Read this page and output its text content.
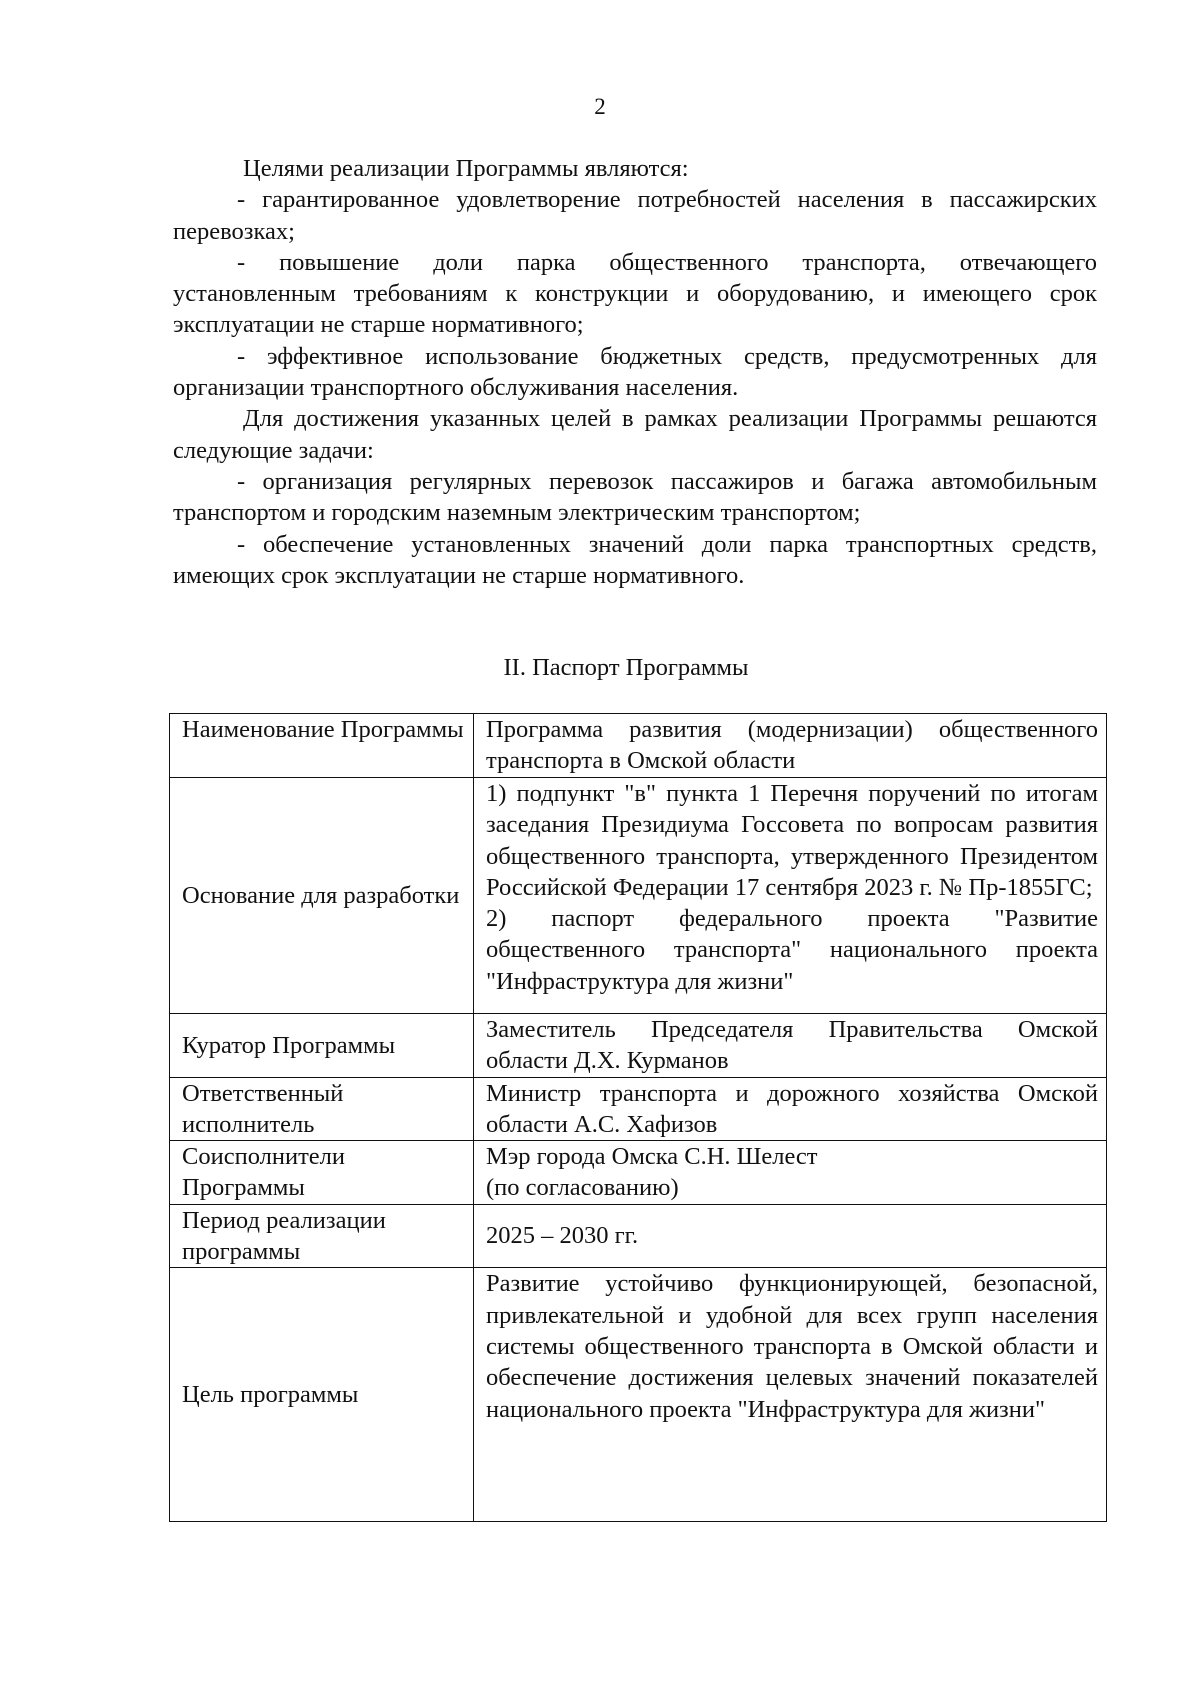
2

Целями реализации Программы являются:

- гарантированное удовлетворение потребностей населения в пассажирских перевозках;

- повышение доли парка общественного транспорта, отвечающего установленным требованиям к конструкции и оборудованию, и имеющего срок эксплуатации не старше нормативного;

- эффективное использование бюджетных средств, предусмотренных для организации транспортного обслуживания населения.

Для достижения указанных целей в рамках реализации Программы решаются следующие задачи:

- организация регулярных перевозок пассажиров и багажа автомобильным транспортом и городским наземным электрическим транспортом;

- обеспечение установленных значений доли парка транспортных средств, имеющих срок эксплуатации не старше нормативного.

II. Паспорт Программы
Наименование Программы	Программа развития (модернизации) общественного транспорта в Омской области
Основание для разработки	1) подпункт "в" пункта 1 Перечня поручений по итогам заседания Президиума Госсовета по вопросам развития общественного транспорта, утвержденного Президентом Российской Федерации 17 сентября 2023 г. № Пр-1855ГС;
2) паспорт федерального проекта "Развитие общественного транспорта" национального проекта "Инфраструктура для жизни"

Куратор Программы	Заместитель Председателя Правительства Омской области Д.Х. Курманов
Ответственный исполнитель	Министр транспорта и дорожного хозяйства Омской области А.С. Хафизов
Соисполнители Программы	Мэр города Омска С.Н. Шелест
(по согласованию)

Период реализации программы	2025 – 2030 гг.
Цель программы	Развитие устойчиво функционирующей, безопасной, привлекательной и удобной для всех групп населения системы общественного транспорта в Омской области и обеспечение достижения целевых значений показателей национального проекта "Инфраструктура для жизни"
